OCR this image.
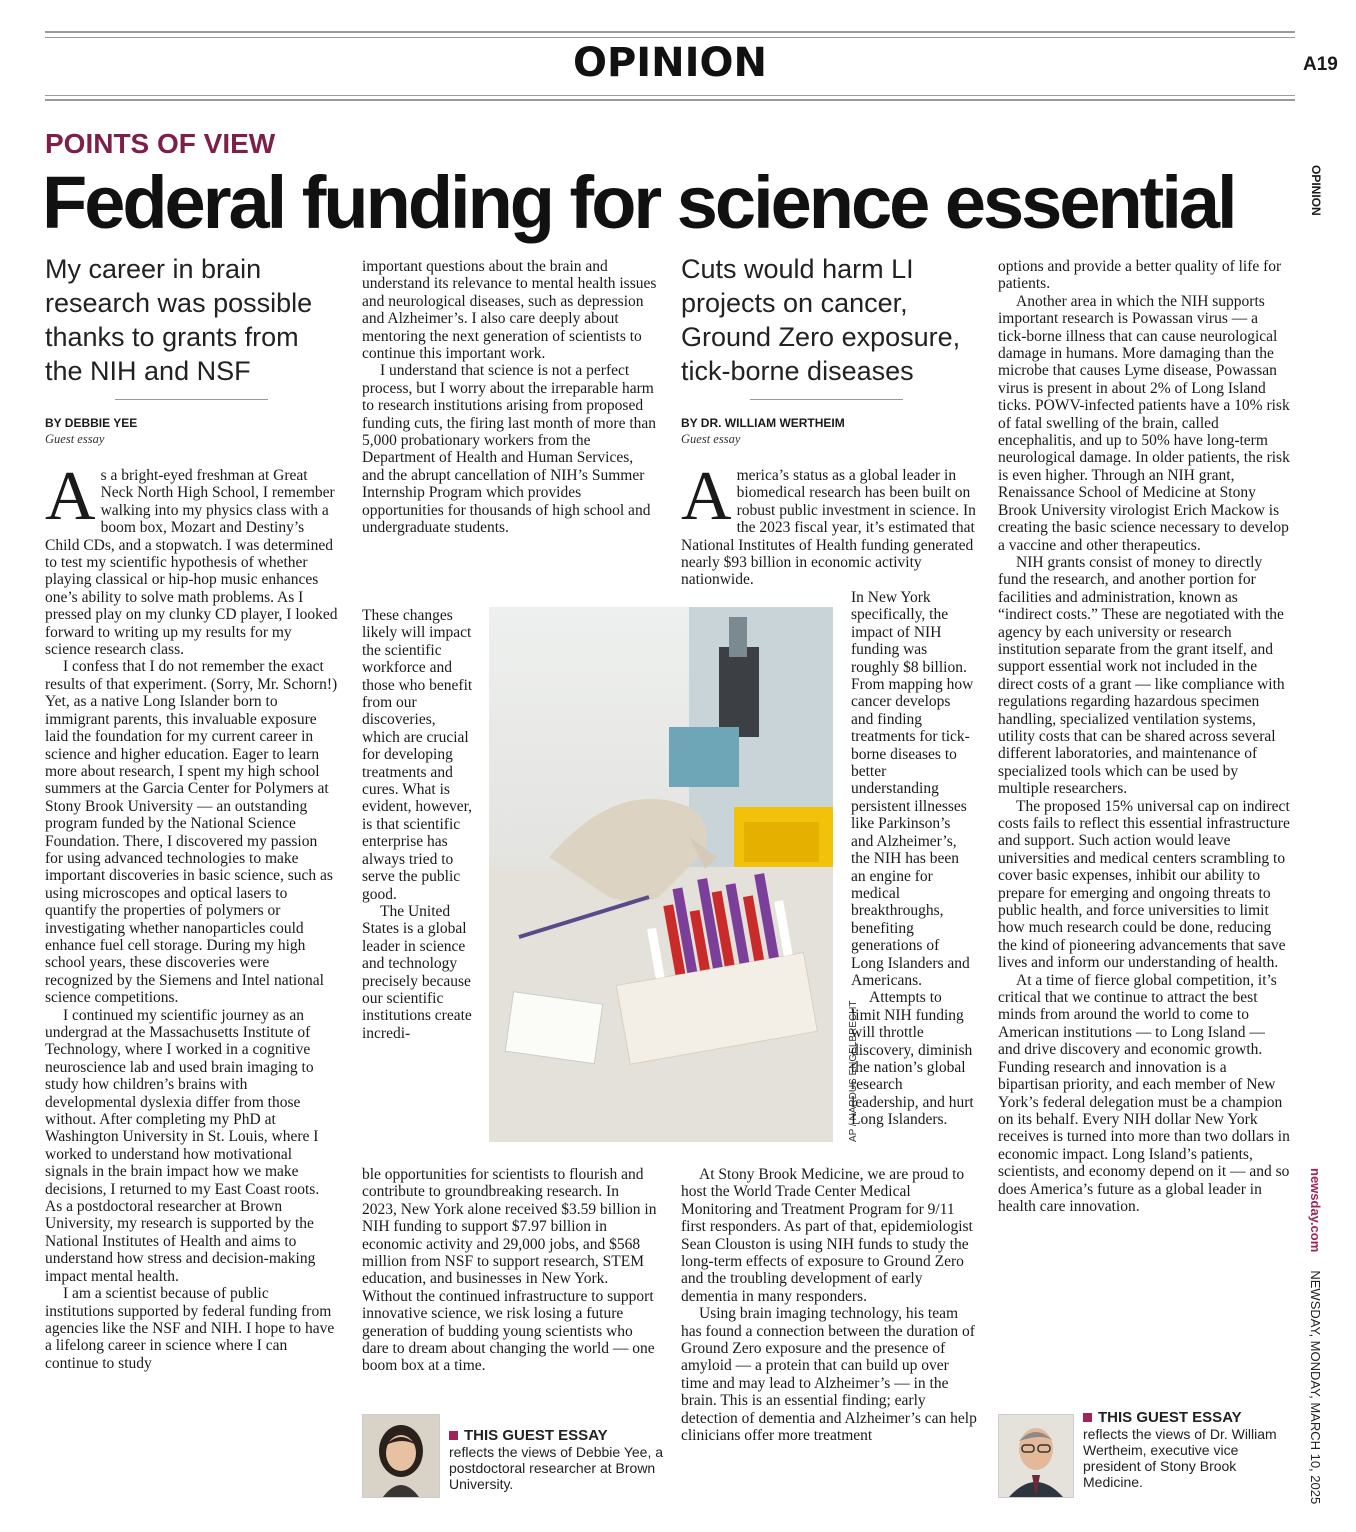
OPINION	A19
POINTS OF VIEW
Federal funding for science essential	OPINION
My career in brain research was possible thanks to grants from the NIH and NSF
BY DEBBIE YEE
Guest essay

As a bright-eyed freshman at Great Neck North High School, I remember walking into my physics class with a boom box, Mozart and Destiny’s Child CDs, and a stopwatch. I was determined to test my scientific hypothesis of whether playing classical or hip-hop music enhances one’s ability to solve math problems. As I pressed play on my clunky CD player, I looked forward to writing up my results for my science research class.

I confess that I do not remember the exact results of that experiment. (Sorry, Mr. Schorn!) Yet, as a native Long Islander born to immigrant parents, this invaluable exposure laid the foundation for my current career in science and higher education. Eager to learn more about research, I spent my high school summers at the Garcia Center for Polymers at Stony Brook University — an outstanding program funded by the National Science Foundation. There, I discovered my passion for using advanced technologies to make important discoveries in basic science, such as using microscopes and optical lasers to quantify the properties of polymers or investigating whether nanoparticles could enhance fuel cell storage. During my high school years, these discoveries were recognized by the Siemens and Intel national science competitions.

I continued my scientific journey as an undergrad at the Massachusetts Institute of Technology, where I worked in a cognitive neuroscience lab and used brain imaging to study how children’s brains with developmental dyslexia differ from those without. After completing my PhD at Washington University in St. Louis, where I worked to understand how motivational signals in the brain impact how we make decisions, I returned to my East Coast roots. As a postdoctoral researcher at Brown University, my research is supported by the National Institutes of Health and aims to understand how stress and decision-making impact mental health.

I am a scientist because of public institutions supported by federal funding from agencies like the NSF and NIH. I hope to have a lifelong career in science where I can continue to study

important questions about the brain and understand its relevance to mental health issues and neurological diseases, such as depression and Alzheimer’s. I also care deeply about mentoring the next generation of scientists to continue this important work.

I understand that science is not a perfect process, but I worry about the irreparable harm to research institutions arising from proposed funding cuts, the firing last month of more than 5,000 probationary workers from the Department of Health and Human Services, and the abrupt cancellation of NIH’s Summer Internship Program which provides opportunities for thousands of high school and undergraduate students.

These changes likely will impact the scientific workforce and those who benefit from our discoveries, which are crucial for developing treatments and cures. What is evident, however, is that scientific enterprise has always tried to serve the public good.

The United States is a global leader in science and technology precisely because our scientific institutions create incredi-

ble opportunities for scientists to flourish and contribute to groundbreaking research. In 2023, New York alone received $3.59 billion in NIH funding to support $7.97 billion in economic activity and 29,000 jobs, and $568 million from NSF to support research, STEM education, and businesses in New York. Without the continued infrastructure to support innovative science, we risk losing a future generation of budding young scientists who dare to dream about changing the world — one boom box at a time.

THIS GUEST ESSAY
reflects the views of Debbie Yee, a postdoctoral researcher at Brown University.
AP / NARDUS ENGELBRECHT
Cuts would harm LI projects on cancer, Ground Zero exposure, tick-borne diseases
BY DR. WILLIAM WERTHEIM
Guest essay

America’s status as a global leader in biomedical research has been built on robust public investment in science. In the 2023 fiscal year, it’s estimated that National Institutes of Health funding generated nearly $93 billion in economic activity nationwide.

In New York specifically, the impact of NIH funding was roughly $8 billion. From mapping how cancer develops and finding treatments for tick-borne diseases to better understanding persistent illnesses like Parkinson’s and Alzheimer’s, the NIH has been an engine for medical breakthroughs, benefiting generations of Long Islanders and Americans.

Attempts to limit NIH funding will throttle discovery, diminish the nation’s global research leadership, and hurt Long Islanders.

At Stony Brook Medicine, we are proud to host the World Trade Center Medical Monitoring and Treatment Program for 9/11 first responders. As part of that, epidemiologist Sean Clouston is using NIH funds to study the long-term effects of exposure to Ground Zero and the troubling development of early dementia in many responders.

Using brain imaging technology, his team has found a connection between the duration of Ground Zero exposure and the presence of amyloid — a protein that can build up over time and may lead to Alzheimer’s — in the brain. This is an essential finding; early detection of dementia and Alzheimer’s can help clinicians offer more treatment

options and provide a better quality of life for patients.

Another area in which the NIH supports important research is Powassan virus — a tick-borne illness that can cause neurological damage in humans. More damaging than the microbe that causes Lyme disease, Powassan virus is present in about 2% of Long Island ticks. POWV-infected patients have a 10% risk of fatal swelling of the brain, called encephalitis, and up to 50% have long-term neurological damage. In older patients, the risk is even higher. Through an NIH grant, Renaissance School of Medicine at Stony Brook University virologist Erich Mackow is creating the basic science necessary to develop a vaccine and other therapeutics.

NIH grants consist of money to directly fund the research, and another portion for facilities and administration, known as “indirect costs.” These are negotiated with the agency by each university or research institution separate from the grant itself, and support essential work not included in the direct costs of a grant — like compliance with regulations regarding hazardous specimen handling, specialized ventilation systems, utility costs that can be shared across several different laboratories, and maintenance of specialized tools which can be used by multiple researchers.

The proposed 15% universal cap on indirect costs fails to reflect this essential infrastructure and support. Such action would leave universities and medical centers scrambling to cover basic expenses, inhibit our ability to prepare for emerging and ongoing threats to public health, and force universities to limit how much research could be done, reducing the kind of pioneering advancements that save lives and inform our understanding of health.

At a time of fierce global competition, it’s critical that we continue to attract the best minds from around the world to come to American institutions — to Long Island — and drive discovery and economic growth. Funding research and innovation is a bipartisan priority, and each member of New York’s federal delegation must be a champion on its behalf. Every NIH dollar New York receives is turned into more than two dollars in economic impact. Long Island’s patients, scientists, and economy depend on it — and so does America’s future as a global leader in health care innovation.

THIS GUEST ESSAY
reflects the views of Dr. William Wertheim, executive vice president of Stony Brook Medicine.
newsday.com     NEWSDAY, MONDAY, MARCH 10, 2025
